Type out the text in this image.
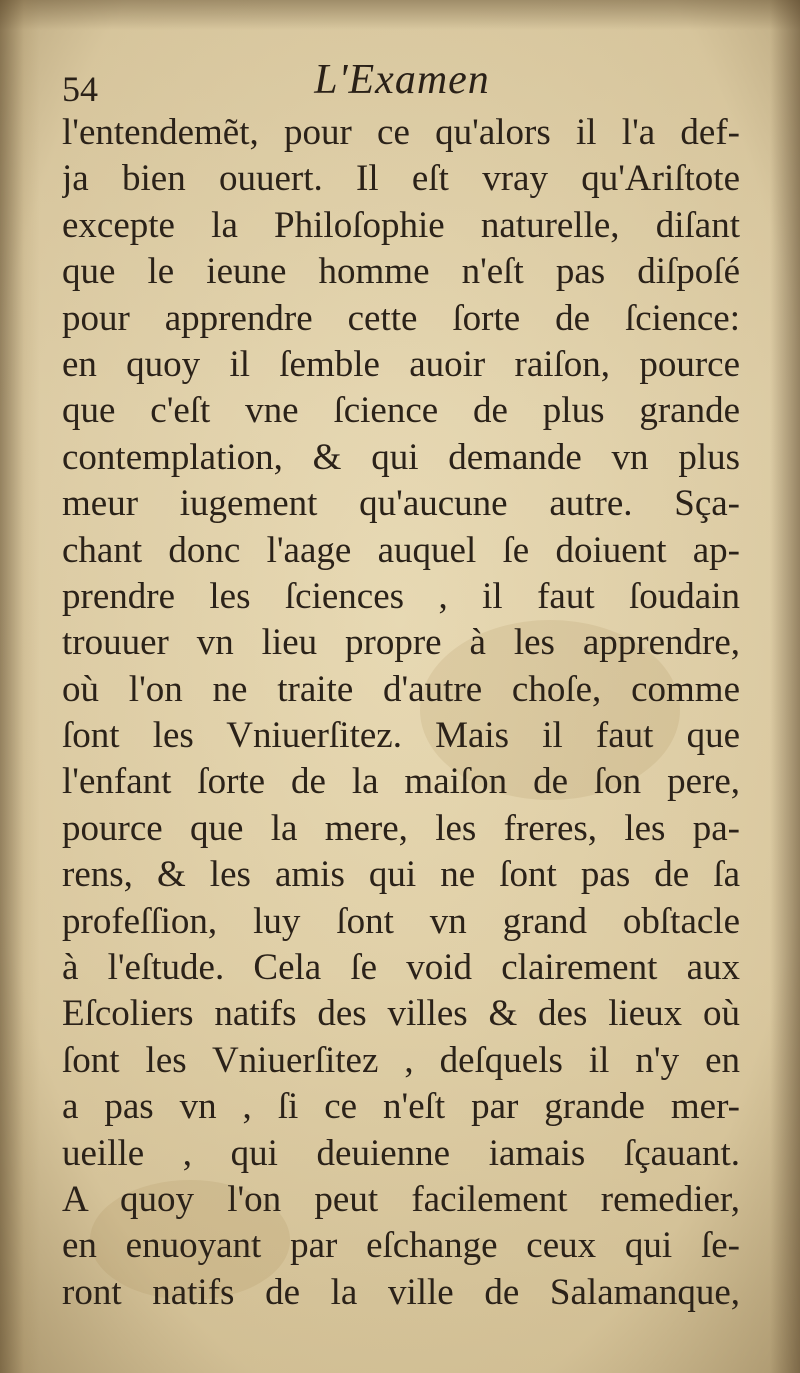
54	L'Examen
l'entendemẽt, pour ce qu'alors il l'a def-
ja bien ouuert. Il eſt vray qu'Ariſtote
excepte la Philoſophie naturelle, diſant
que le ieune homme n'eſt pas diſpoſé
pour apprendre cette ſorte de ſcience:
en quoy il ſemble auoir raiſon, pource
que c'eſt vne ſcience de plus grande
contemplation, & qui demande vn plus
meur iugement qu'aucune autre. Sça-
chant donc l'aage auquel ſe doiuent ap-
prendre les ſciences , il faut ſoudain
trouuer vn lieu propre à les apprendre,
où l'on ne traite d'autre choſe, comme
ſont les Vniuerſitez. Mais il faut que
l'enfant ſorte de la maiſon de ſon pere,
pource que la mere, les freres, les pa-
rens, & les amis qui ne ſont pas de ſa
profeſſion, luy ſont vn grand obſtacle
à l'eſtude. Cela ſe void clairement aux
Eſcoliers natifs des villes & des lieux où
ſont les Vniuerſitez , deſquels il n'y en
a pas vn , ſi ce n'eſt par grande mer-
ueille , qui deuienne iamais ſçauant.
A quoy l'on peut facilement remedier,
en enuoyant par eſchange ceux qui ſe-
ront natifs de la ville de Salamanque,
